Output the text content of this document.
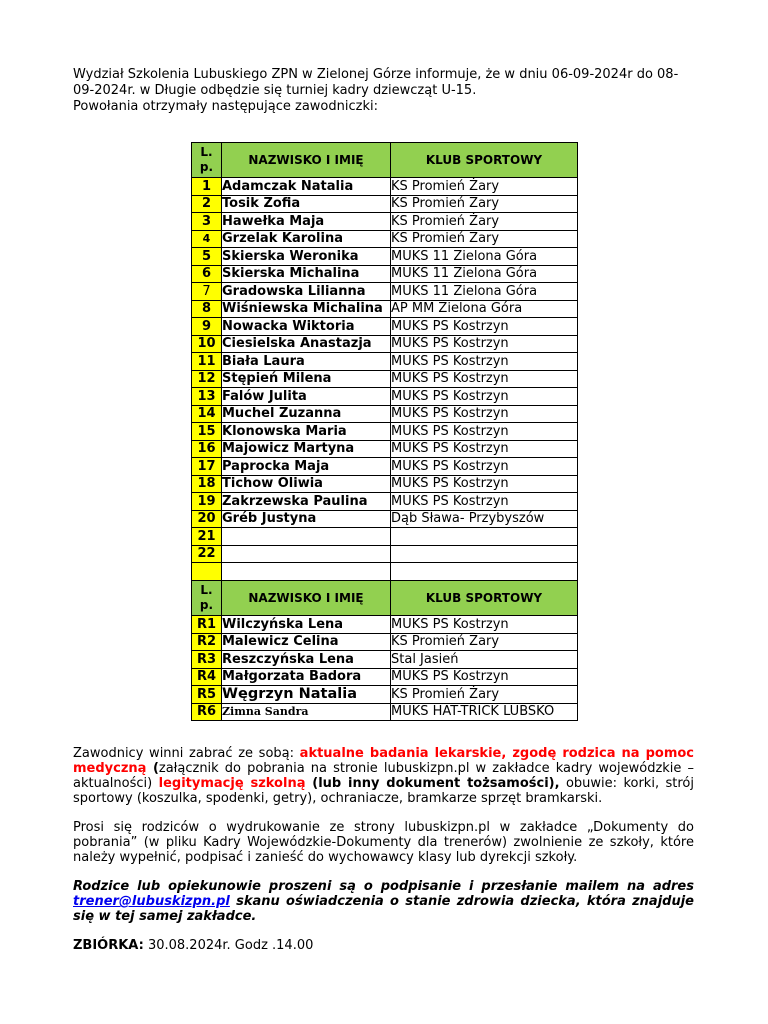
Wydział Szkolenia Lubuskiego ZPN w Zielonej Górze informuje, że w dniu 06-09-2024r do 08-09-2024r. w Długie odbędzie się turniej kadry dziewcząt U-15.

Powołania otrzymały następujące zawodniczki:

L. p.	NAZWISKO I IMIĘ	KLUB SPORTOWY
1	Adamczak Natalia	KS Promień Żary
2	Tosik Zofia	KS Promień Żary
3	Hawełka Maja	KS Promień Żary
4	Grzelak Karolina	KS Promień Żary
5	Skierska Weronika	MUKS 11 Zielona Góra
6	Skierska Michalina	MUKS 11 Zielona Góra
7	Gradowska Lilianna	MUKS 11 Zielona Góra
8	Wiśniewska Michalina	AP MM Zielona Góra
9	Nowacka Wiktoria	MUKS PS Kostrzyn
10	Ciesielska Anastazja	MUKS PS Kostrzyn
11	Biała Laura	MUKS PS Kostrzyn
12	Stępień Milena	MUKS PS Kostrzyn
13	Falów Julita	MUKS PS Kostrzyn
14	Muchel Zuzanna	MUKS PS Kostrzyn
15	Klonowska Maria	MUKS PS Kostrzyn
16	Majowicz Martyna	MUKS PS Kostrzyn
17	Paprocka Maja	MUKS PS Kostrzyn
18	Tichow Oliwia	MUKS PS Kostrzyn
19	Zakrzewska Paulina	MUKS PS Kostrzyn
20	Gréb Justyna	Dąb Sława- Przybyszów
21		
22		

L. p.	NAZWISKO I IMIĘ	KLUB SPORTOWY
R1	Wilczyńska Lena	MUKS PS Kostrzyn
R2	Malewicz Celina	KS Promień Żary
R3	Reszczyńska Lena	Stal Jasień
R4	Małgorzata Badora	MUKS PS Kostrzyn
R5	Węgrzyn Natalia	KS Promień Żary
R6	Zimna Sandra	MUKS HAT-TRICK LUBSKO

Zawodnicy winni zabrać ze sobą: aktualne badania lekarskie, zgodę rodzica na pomoc medyczną (załącznik do pobrania na stronie lubuskizpn.pl w zakładce kadry wojewódzkie – aktualności) legitymację szkolną (lub inny dokument tożsamości), obuwie: korki, strój sportowy (koszulka, spodenki, getry), ochraniacze, bramkarze sprzęt bramkarski.

Prosi się rodziców o wydrukowanie ze strony lubuskizpn.pl w zakładce „Dokumenty do pobrania” (w pliku Kadry Wojewódzkie-Dokumenty dla trenerów) zwolnienie ze szkoły, które należy wypełnić, podpisać i zanieść do wychowawcy klasy lub dyrekcji szkoły.

Rodzice lub opiekunowie proszeni są o podpisanie i przesłanie mailem na adres trener@lubuskizpn.pl skanu oświadczenia o stanie zdrowia dziecka, która znajduje się w tej samej zakładce.

ZBIÓRKA: 30.08.2024r. Godz .14.00
